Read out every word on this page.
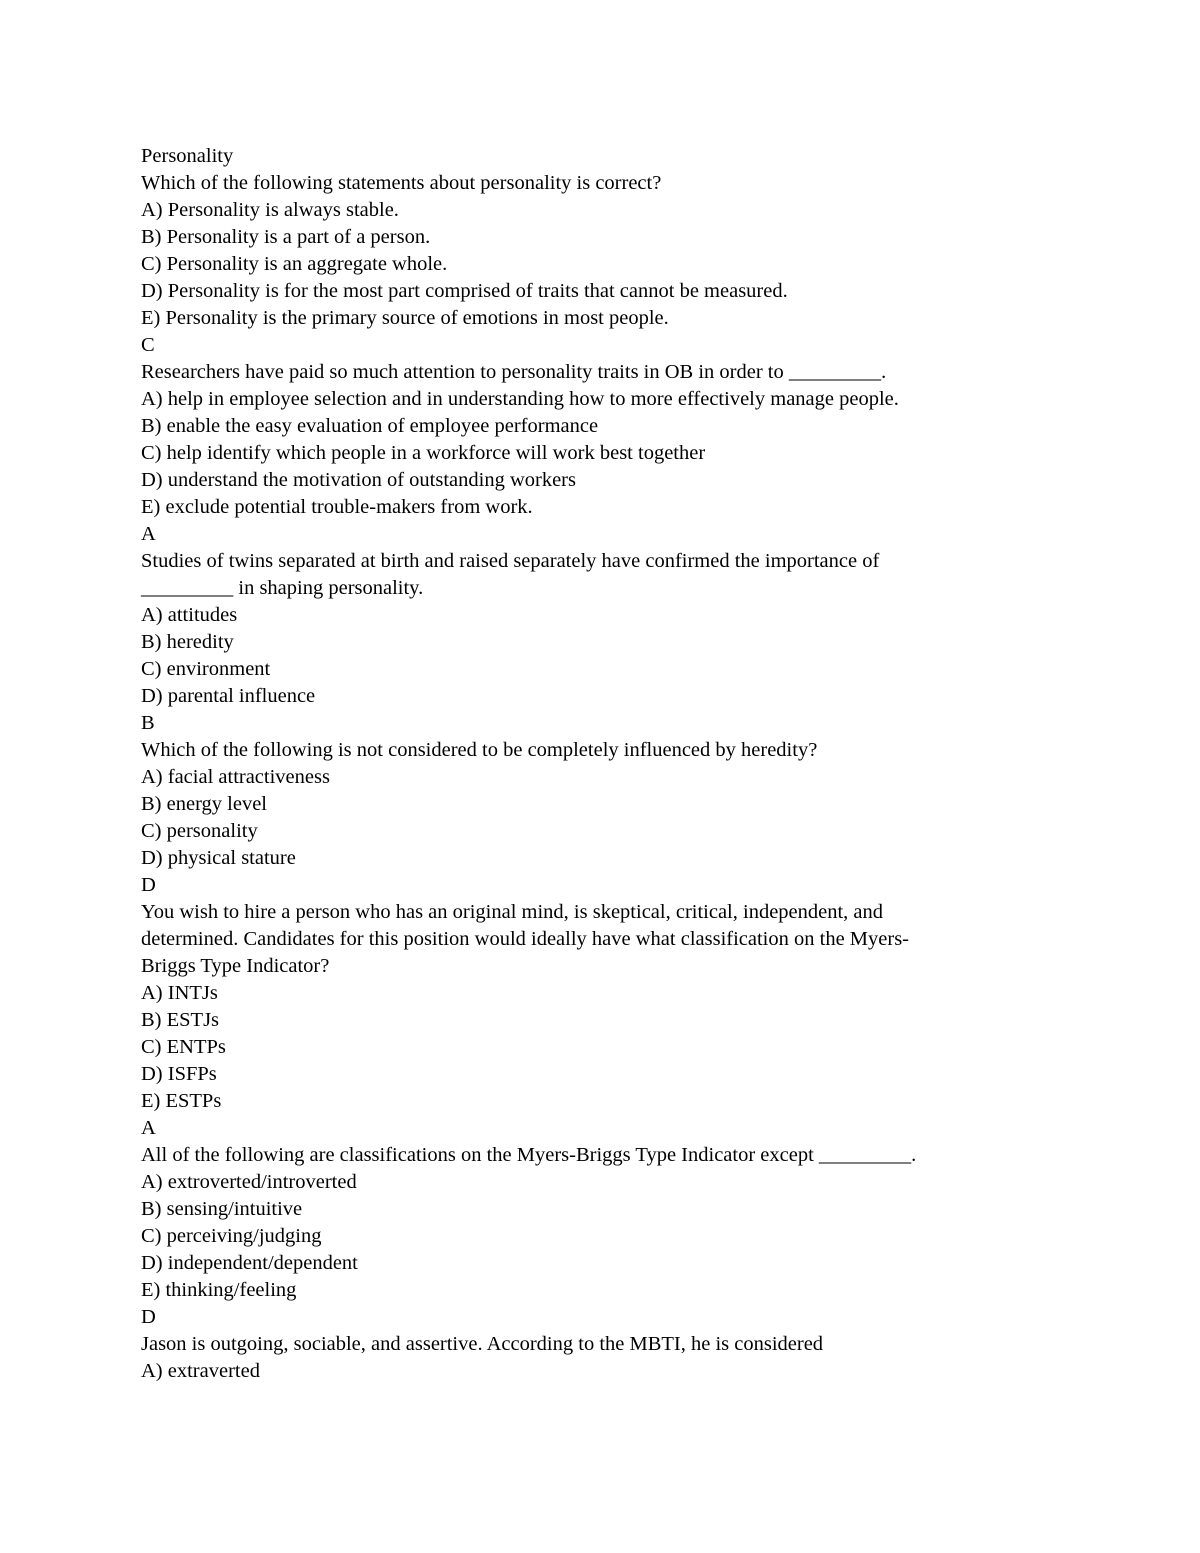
Personality

Which of the following statements about personality is correct?

A) Personality is always stable.

B) Personality is a part of a person.

C) Personality is an aggregate whole.

D) Personality is for the most part comprised of traits that cannot be measured.

E) Personality is the primary source of emotions in most people.

C

Researchers have paid so much attention to personality traits in OB in order to _________.

A) help in employee selection and in understanding how to more effectively manage people.

B) enable the easy evaluation of employee performance

C) help identify which people in a workforce will work best together

D) understand the motivation of outstanding workers

E) exclude potential trouble-makers from work.

A

Studies of twins separated at birth and raised separately have confirmed the importance of

_________ in shaping personality.

A) attitudes

B) heredity

C) environment

D) parental influence

B

Which of the following is not considered to be completely influenced by heredity?

A) facial attractiveness

B) energy level

C) personality

D) physical stature

D

You wish to hire a person who has an original mind, is skeptical, critical, independent, and

determined. Candidates for this position would ideally have what classification on the Myers-

Briggs Type Indicator?

A) INTJs

B) ESTJs

C) ENTPs

D) ISFPs

E) ESTPs

A

All of the following are classifications on the Myers-Briggs Type Indicator except _________.

A) extroverted/introverted

B) sensing/intuitive

C) perceiving/judging

D) independent/dependent

E) thinking/feeling

D

Jason is outgoing, sociable, and assertive. According to the MBTI, he is considered

A) extraverted
